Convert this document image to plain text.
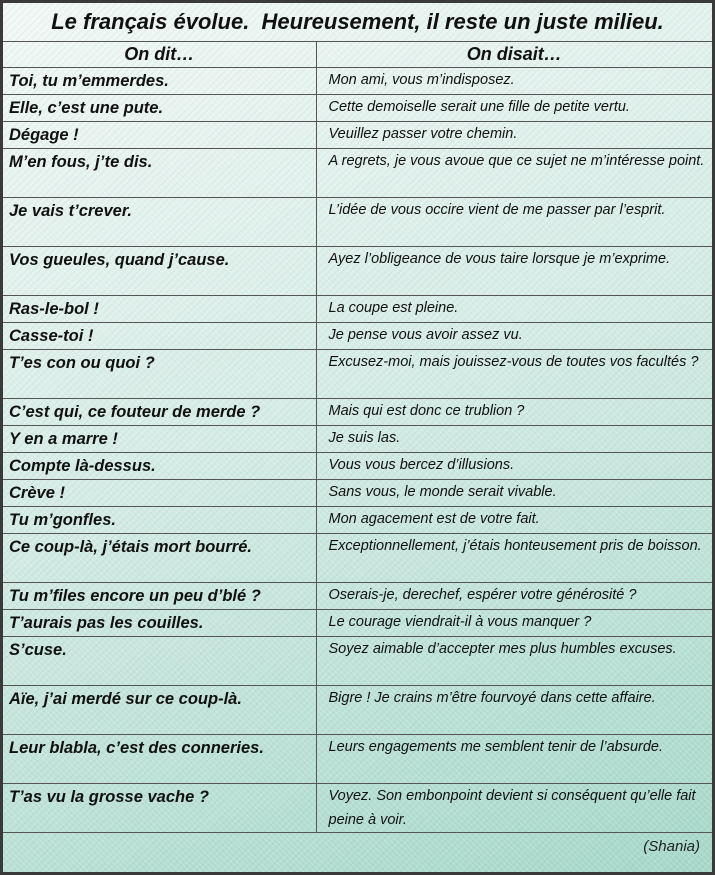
Le français évolue.  Heureusement, il reste un juste milieu.
On dit…	On disait…
Toi, tu m’emmerdes.	Mon ami, vous m’indisposez.
Elle, c’est une pute.	Cette demoiselle serait une fille de petite vertu.
Dégage !	Veuillez passer votre chemin.
M’en fous, j’te dis.	A regrets, je vous avoue que ce sujet ne m’intéresse point.
Je vais t’crever.	L’idée de vous occire vient de me passer par l’esprit.
Vos gueules, quand j’cause.	Ayez l’obligeance de vous taire lorsque je m’exprime.
Ras-le-bol !	La coupe est pleine.
Casse-toi !	Je pense vous avoir assez vu.
T’es con ou quoi ?	Excusez-moi, mais jouissez-vous de toutes vos facultés ?
C’est qui, ce fouteur de merde ?	Mais qui est donc ce trublion ?
Y en a marre !	Je suis las.
Compte là-dessus.	Vous vous bercez d’illusions.
Crève !	Sans vous, le monde serait vivable.
Tu m’gonfles.	Mon agacement est de votre fait.
Ce coup-là, j’étais mort bourré.	Exceptionnellement, j’étais honteusement pris de boisson.
Tu m’files encore un peu d’blé ?	Oserais-je, derechef, espérer votre générosité ?
T’aurais pas les couilles.	Le courage viendrait-il à vous manquer ?
S’cuse.	Soyez aimable d’accepter mes plus humbles excuses.
Aïe, j’ai merdé sur ce coup-là.	Bigre ! Je crains m’être fourvoyé dans cette affaire.
Leur blabla, c’est des conneries.	Leurs engagements me semblent tenir de l’absurde.
T’as vu la grosse vache ?	Voyez. Son embonpoint devient si conséquent qu’elle fait peine à voir.
(Shania)
